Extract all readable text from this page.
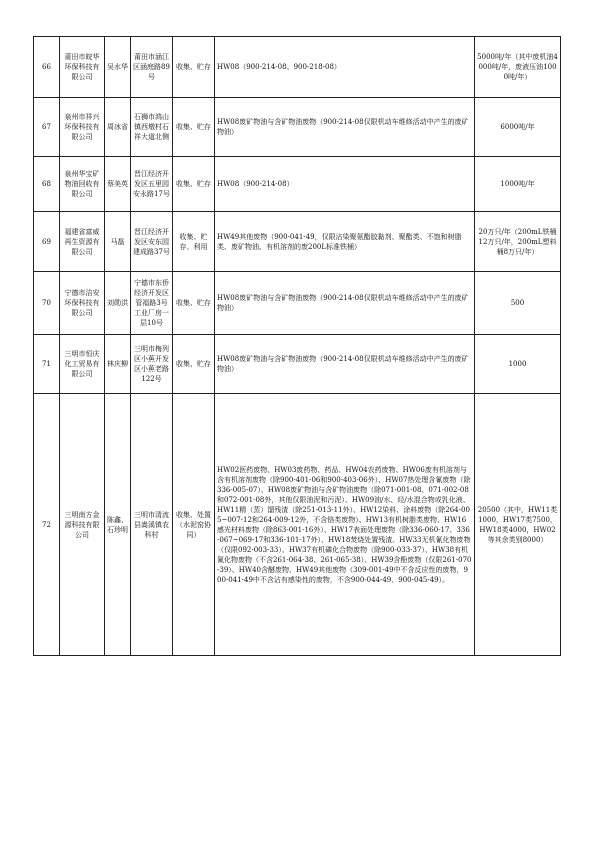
66	莆田市皖华环保科技有限公司	吴水华	莆田市涵江区涵庭路89号	收集、贮存	HW08（900-214-08、900-218-08）	5000吨/年（其中废机油4000吨/年，废液压油1000吨/年）
67	泉州市祥兴环保科技有限公司	周冰省	石狮市鸿山镇西墩村石祥大道北侧	收集、贮存	HW08废矿物油与含矿物油废物（900-214-08仅限机动车维修活动中产生的废矿物油）	6000吨/年
68	泉州华宝矿物油回收有限公司	蔡美英	晋江经济开发区五里园安永路17号	收集、贮存	HW08（900-214-08）	1000吨/年
69	福建省富威再生资源有限公司	马磊	晋江经济开发区安东园建成路37号	收集、贮存、利用	HW49其他废物（900-041-49，仅限沾染聚氨酯胶黏剂、聚酯类、不饱和树脂类、废矿物油、有机溶剂的废200L标准铁桶）	20万只/年（200mL铁桶12万只/年，200mL塑料桶8万只/年）
70	宁德市洁安环保科技有限公司	刘勋洪	宁德市东侨经济开发区管福路3号工业厂房一层10号	收集、贮存	HW08废矿物油与含矿物油废物（900-214-08仅限机动车维修活动中产生的废矿物油）	500
71	三明市恒庆化工贸易有限公司	林庆柳	三明市梅列区小蕉开发区小蕉老路122号	收集、贮存	HW08废矿物油与含矿物油废物（900-214-08仅限机动车维修活动中产生的废矿物油）	1000
72	三明南方金源科技有限公司	陈鑫、石珍明	三明市清流县嵩溪镇农科村	收集、处置（水泥窑协同）	HW02医药废物、HW03废药物、药品、HW04农药废物、HW06废有机溶剂与含有机溶剂废物（除900-401-06和900-403-06外）、HW07热处理含氰废物（除336-005-07）、HW08废矿物油与含矿物油废物（除071-001-08、071-002-08和072-001-08外，其他仅限油泥和污泥）、HW09油/水、烃/水混合物或乳化液、HW11精（蒸）馏残渣（除251-013-11外）、HW12染料、涂料废物（除264-005~007-12和264-009-12外，不含铬类废物）、HW13有机树脂类废物、HW16感光材料废物（除863-001-16外）、HW17表面处理废物（除336-060-17、336-067~069-17和336-101-17外）、HW18焚烧处置残渣、HW33无机氰化物废物（仅限092-003-33）、HW37有机磷化合物废物（除900-033-37）、HW38有机氰化物废物（不含261-064-38、261-065-38）、HW39含酚废物（仅限261-070-39）、HW40含醚废物、HW49其他废物（309-001-49中不含反应性的废物，900-041-49中不含沾有感染性的废物，不含900-044-49、900-045-49）。	20500（其中，HW11类1000，HW17类7500，HW18类4000，HW02等其余类别8000）
